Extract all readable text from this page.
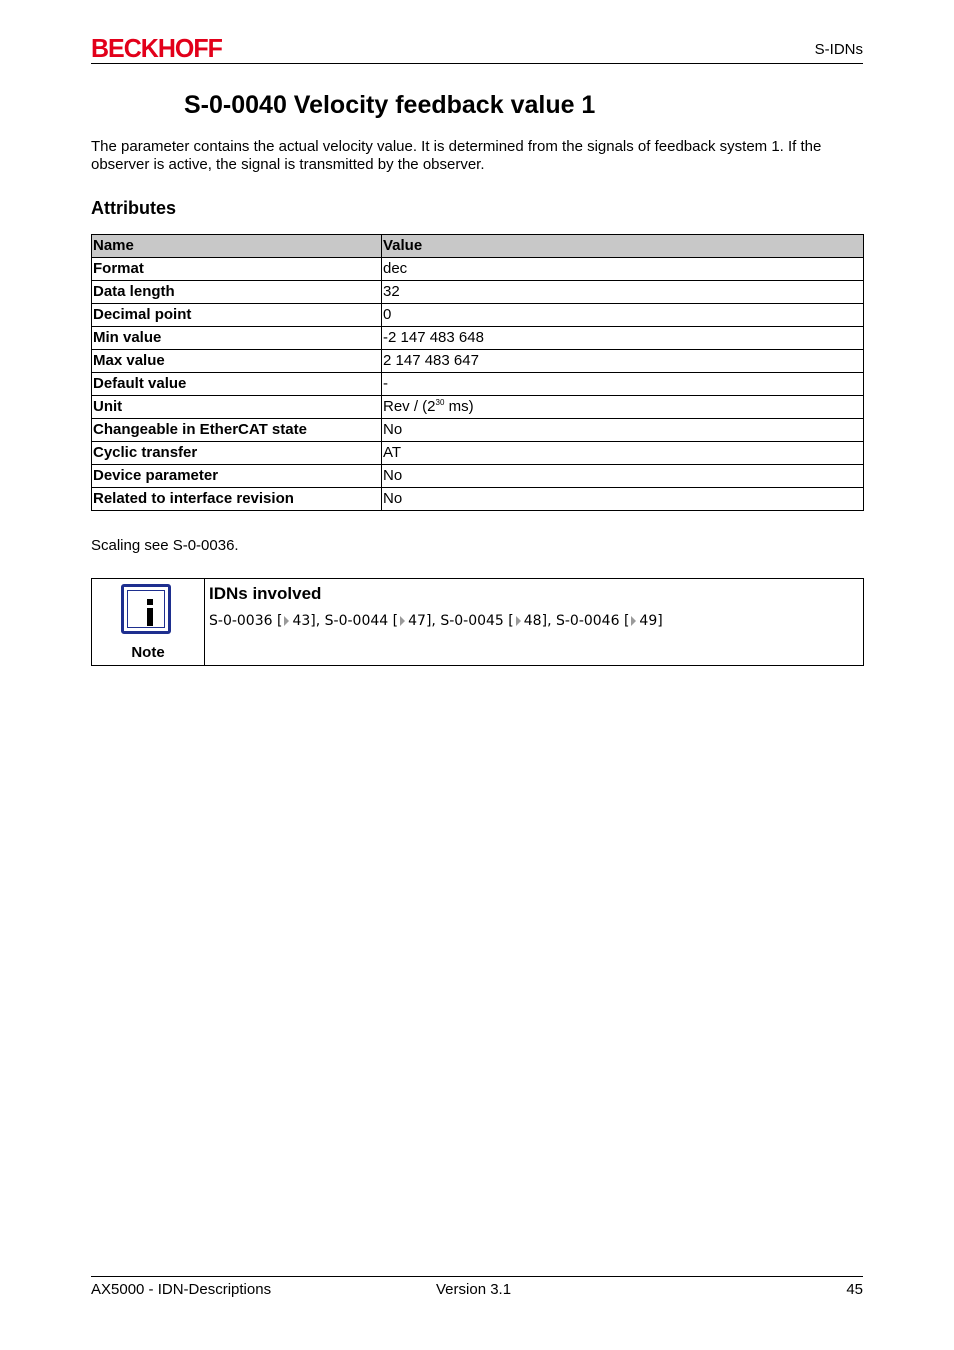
BECKHOFF	S-IDNs
S-0-0040 Velocity feedback value 1

The parameter contains the actual velocity value. It is determined from the signals of feedback system 1. If the observer is active, the signal is transmitted by the observer.

Attributes
Name	Value
Format	dec
Data length	32
Decimal point	0
Min value	-2 147 483 648
Max value	2 147 483 647
Default value	-
Unit	Rev / ($2^{30}$ ms)
Changeable in EtherCAT state	No
Cyclic transfer	AT
Device parameter	No
Related to interface revision	No

Scaling see S-0-0036.

Note
IDNs involved
S-0-0036 [ 43], S-0-0044 [ 47], S-0-0045 [ 48], S-0-0046 [ 49]
AX5000 - IDN-Descriptions	Version 3.1	45
